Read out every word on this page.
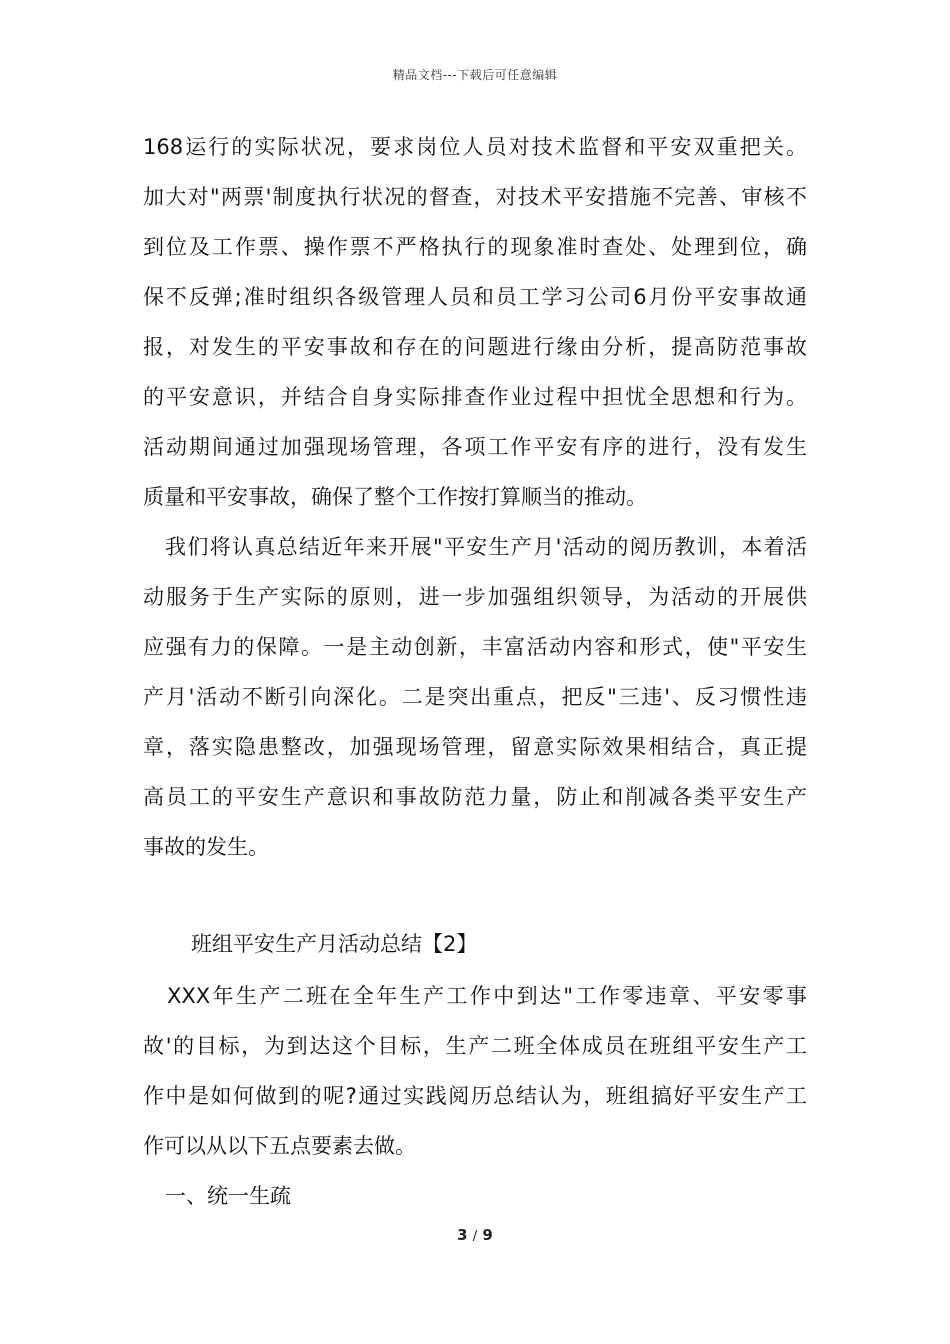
精品文档---下载后可任意编辑
168运行的实际状况，要求岗位人员对技术监督和平安双重把关。
加大对"两票'制度执行状况的督查，对技术平安措施不完善、审核不
到位及工作票、操作票不严格执行的现象准时查处、处理到位，确
保不反弹;准时组织各级管理人员和员工学习公司6月份平安事故通
报，对发生的平安事故和存在的问题进行缘由分析，提高防范事故
的平安意识，并结合自身实际排查作业过程中担忧全思想和行为。
活动期间通过加强现场管理，各项工作平安有序的进行，没有发生
质量和平安事故，确保了整个工作按打算顺当的推动。
我们将认真总结近年来开展"平安生产月'活动的阅历教训，本着活
动服务于生产实际的原则，进一步加强组织领导，为活动的开展供
应强有力的保障。一是主动创新，丰富活动内容和形式，使"平安生
产月'活动不断引向深化。二是突出重点，把反"三违'、反习惯性违
章，落实隐患整改，加强现场管理，留意实际效果相结合，真正提
高员工的平安生产意识和事故防范力量，防止和削减各类平安生产
事故的发生。
班组平安生产月活动总结【2】
XXX年生产二班在全年生产工作中到达"工作零违章、平安零事
故'的目标，为到达这个目标，生产二班全体成员在班组平安生产工
作中是如何做到的呢?通过实践阅历总结认为，班组搞好平安生产工
作可以从以下五点要素去做。
一、统一生疏
3 / 9
